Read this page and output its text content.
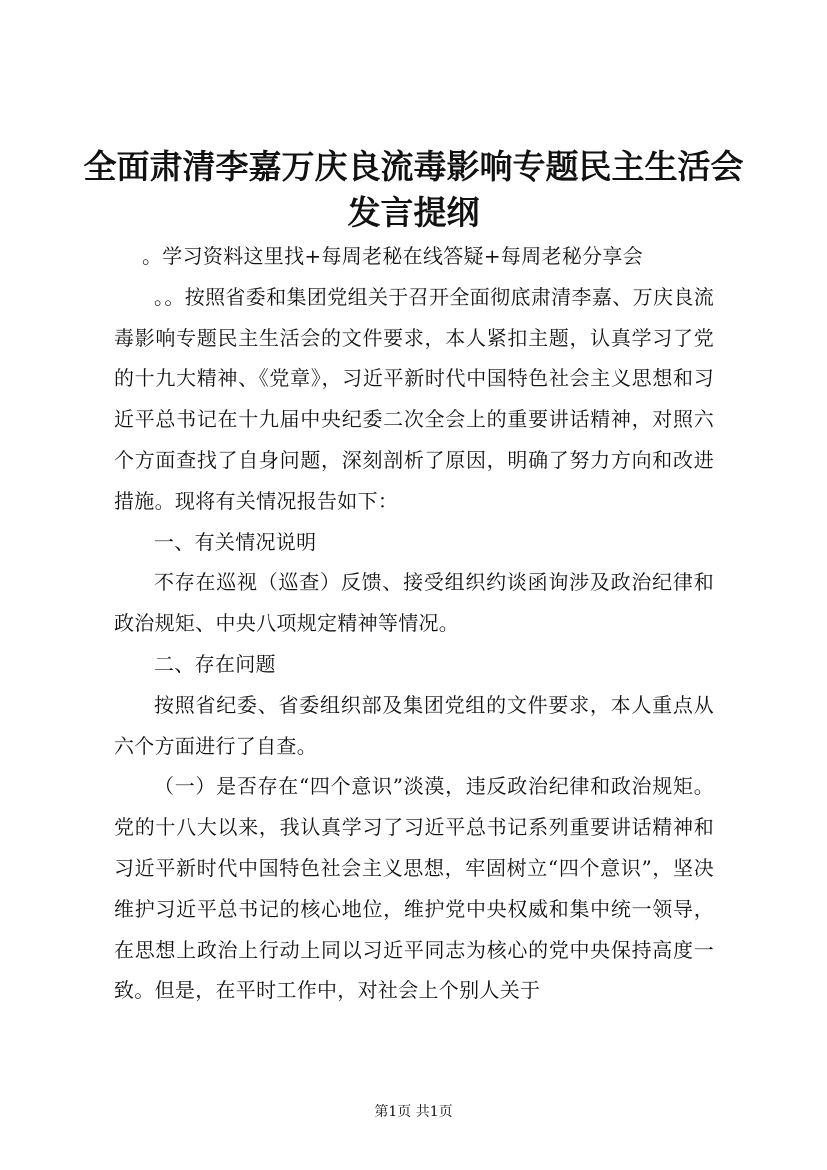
全面肃清李嘉万庆良流毒影响专题民主生活会
发言提纲

。学习资料这里找+每周老秘在线答疑+每周老秘分享会

。。按照省委和集团党组关于召开全面彻底肃清李嘉、万庆良流毒影响专题民主生活会的文件要求，本人紧扣主题，认真学习了党的十九大精神、《党章》，习近平新时代中国特色社会主义思想和习近平总书记在十九届中央纪委二次全会上的重要讲话精神，对照六个方面查找了自身问题，深刻剖析了原因，明确了努力方向和改进措施。现将有关情况报告如下：

一、有关情况说明

不存在巡视（巡查）反馈、接受组织约谈函询涉及政治纪律和政治规矩、中央八项规定精神等情况。

二、存在问题

按照省纪委、省委组织部及集团党组的文件要求，本人重点从六个方面进行了自查。

（一）是否存在“四个意识”淡漠，违反政治纪律和政治规矩。党的十八大以来，我认真学习了习近平总书记系列重要讲话精神和习近平新时代中国特色社会主义思想，牢固树立“四个意识”，坚决维护习近平总书记的核心地位，维护党中央权威和集中统一领导，在思想上政治上行动上同以习近平同志为核心的党中央保持高度一致。但是，在平时工作中，对社会上个别人关于

第1页 共1页
